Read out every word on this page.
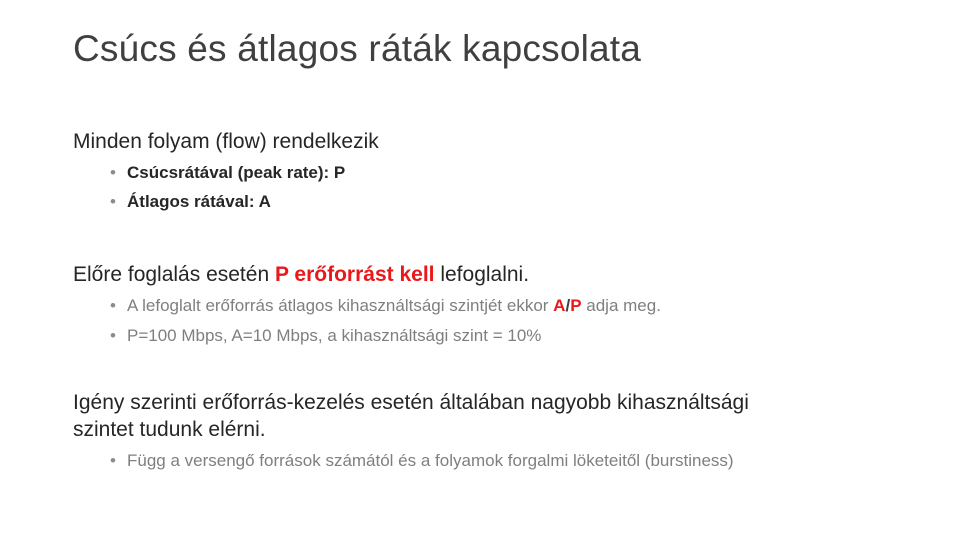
Csúcs és átlagos ráták kapcsolata
Minden folyam (flow) rendelkezik
• Csúcsrátával (peak rate): P
• Átlagos rátával: A
Előre foglalás esetén P erőforrást kell lefoglalni.
• A lefoglalt erőforrás átlagos kihasználtsági szintjét ekkor A/P adja meg.
• P=100 Mbps, A=10 Mbps, a kihasználtsági szint = 10%
Igény szerinti erőforrás-kezelés esetén általában nagyobb kihasználtsági
szintet tudunk elérni.
• Függ a versengő források számától és a folyamok forgalmi löketeitől (burstiness)
